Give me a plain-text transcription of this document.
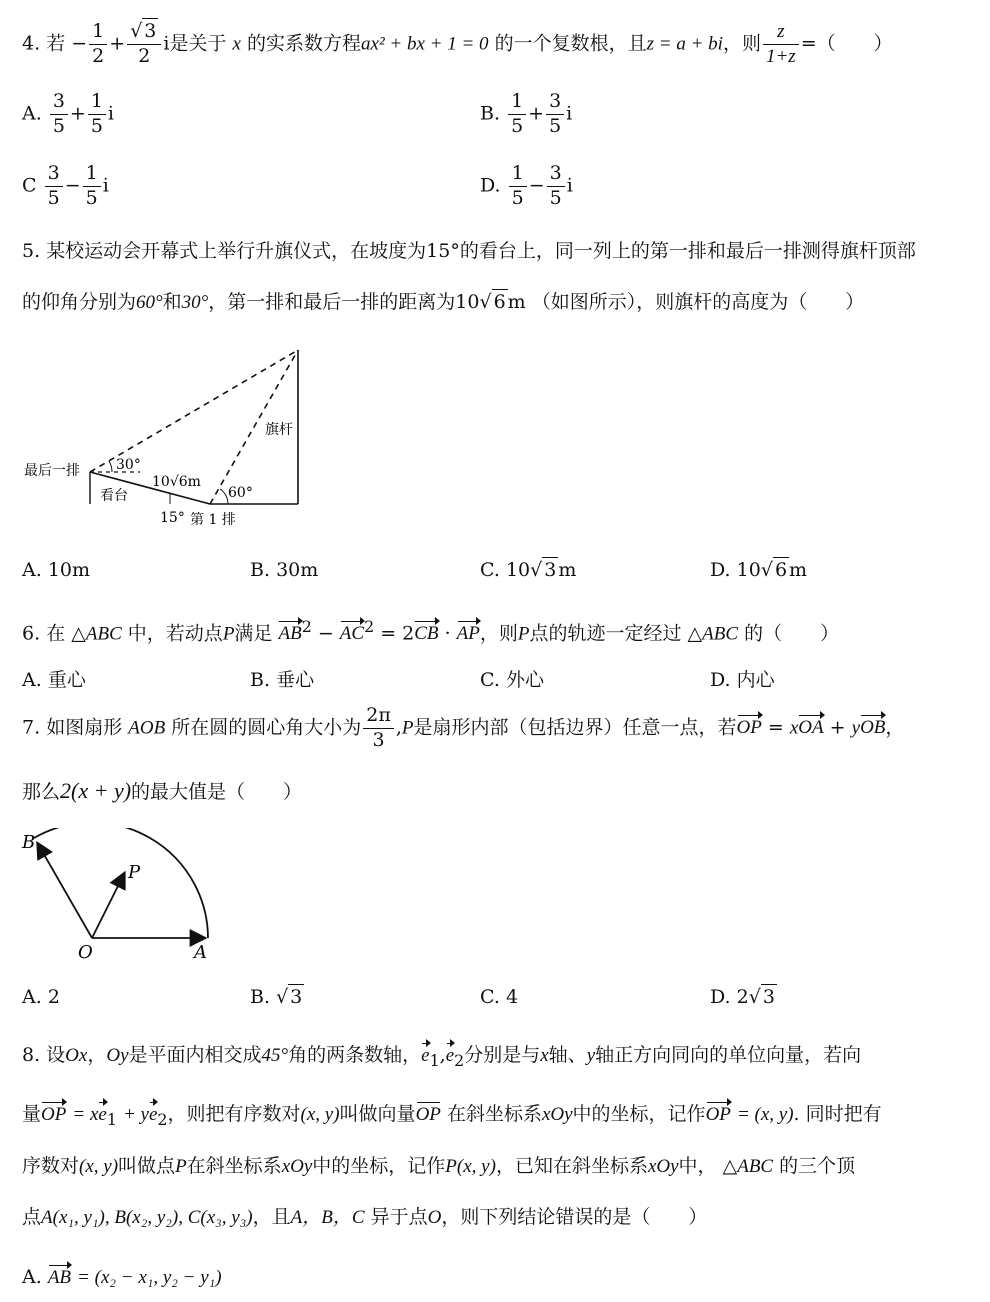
4. 若 − $\frac{1}{2} + \frac{√ 3}{2}$ i是关于 x 的实系数方程ax² + bx + 1 = 0 的一个复数根，且z = a + bi，则 $\frac{z}{1+z}$ =（　　）
A. $\frac{3}{5} + \frac{1}{5}$ i	B. $\frac{1}{5} + \frac{3}{5}$ i
C $\frac{3}{5} - \frac{1}{5}$ i	D. $\frac{1}{5} - \frac{3}{5}$ i
5. 某校运动会开幕式上举行升旗仪式，在坡度为15°的看台上，同一列上的第一排和最后一排测得旗杆顶部
的仰角分别为60°和30°，第一排和最后一排的距离为10√ 6 m （如图所示），则旗杆的高度为（　　）
最后一排	30°
10√6m
看台
15° 第 1 排
60°
旗杆
A. 10m	B. 30m	C. 10√ 3 m	D. 10√ 6 m
6. 在 △ABC 中，若动点P满足 $AB^2 - AC^2 = 2CB$ · AP，则P点的轨迹一定经过 △ABC 的（　　）
A. 重心	B. 垂心	C. 外心	D. 内心
7. 如图扇形 AOB 所在圆的圆心角大小为 $\frac{2\pi}{3} ,P$是扇形内部（包括边界）任意一点，若OP = xOA + yOB，
那么2(x + y)的最大值是（　　）
B
P
O	A
A. 2	B. √ 3	C. 4	D. 2√ 3
8. 设Ox，Oy是平面内相交成45°角的两条数轴，$e_1,e_2$分别是与x轴、y轴正方向同向的单位向量，若向
量OP = $xe_1 + ye_2$，则把有序数对(x, y)叫做向量OP 在斜坐标系xOy中的坐标，记作OP = (x, y). 同时把有
序数对(x, y)叫做点P在斜坐标系xOy中的坐标，记作P(x, y)，已知在斜坐标系xOy中， △ABC 的三个顶
点A(x₁, y₁), B(x₂, y₂), C(x₃, y₃)，且A，B，C 异于点O，则下列结论错误的是（　　）
A. AB = (x₂ − x₁, y₂ − y₁)
